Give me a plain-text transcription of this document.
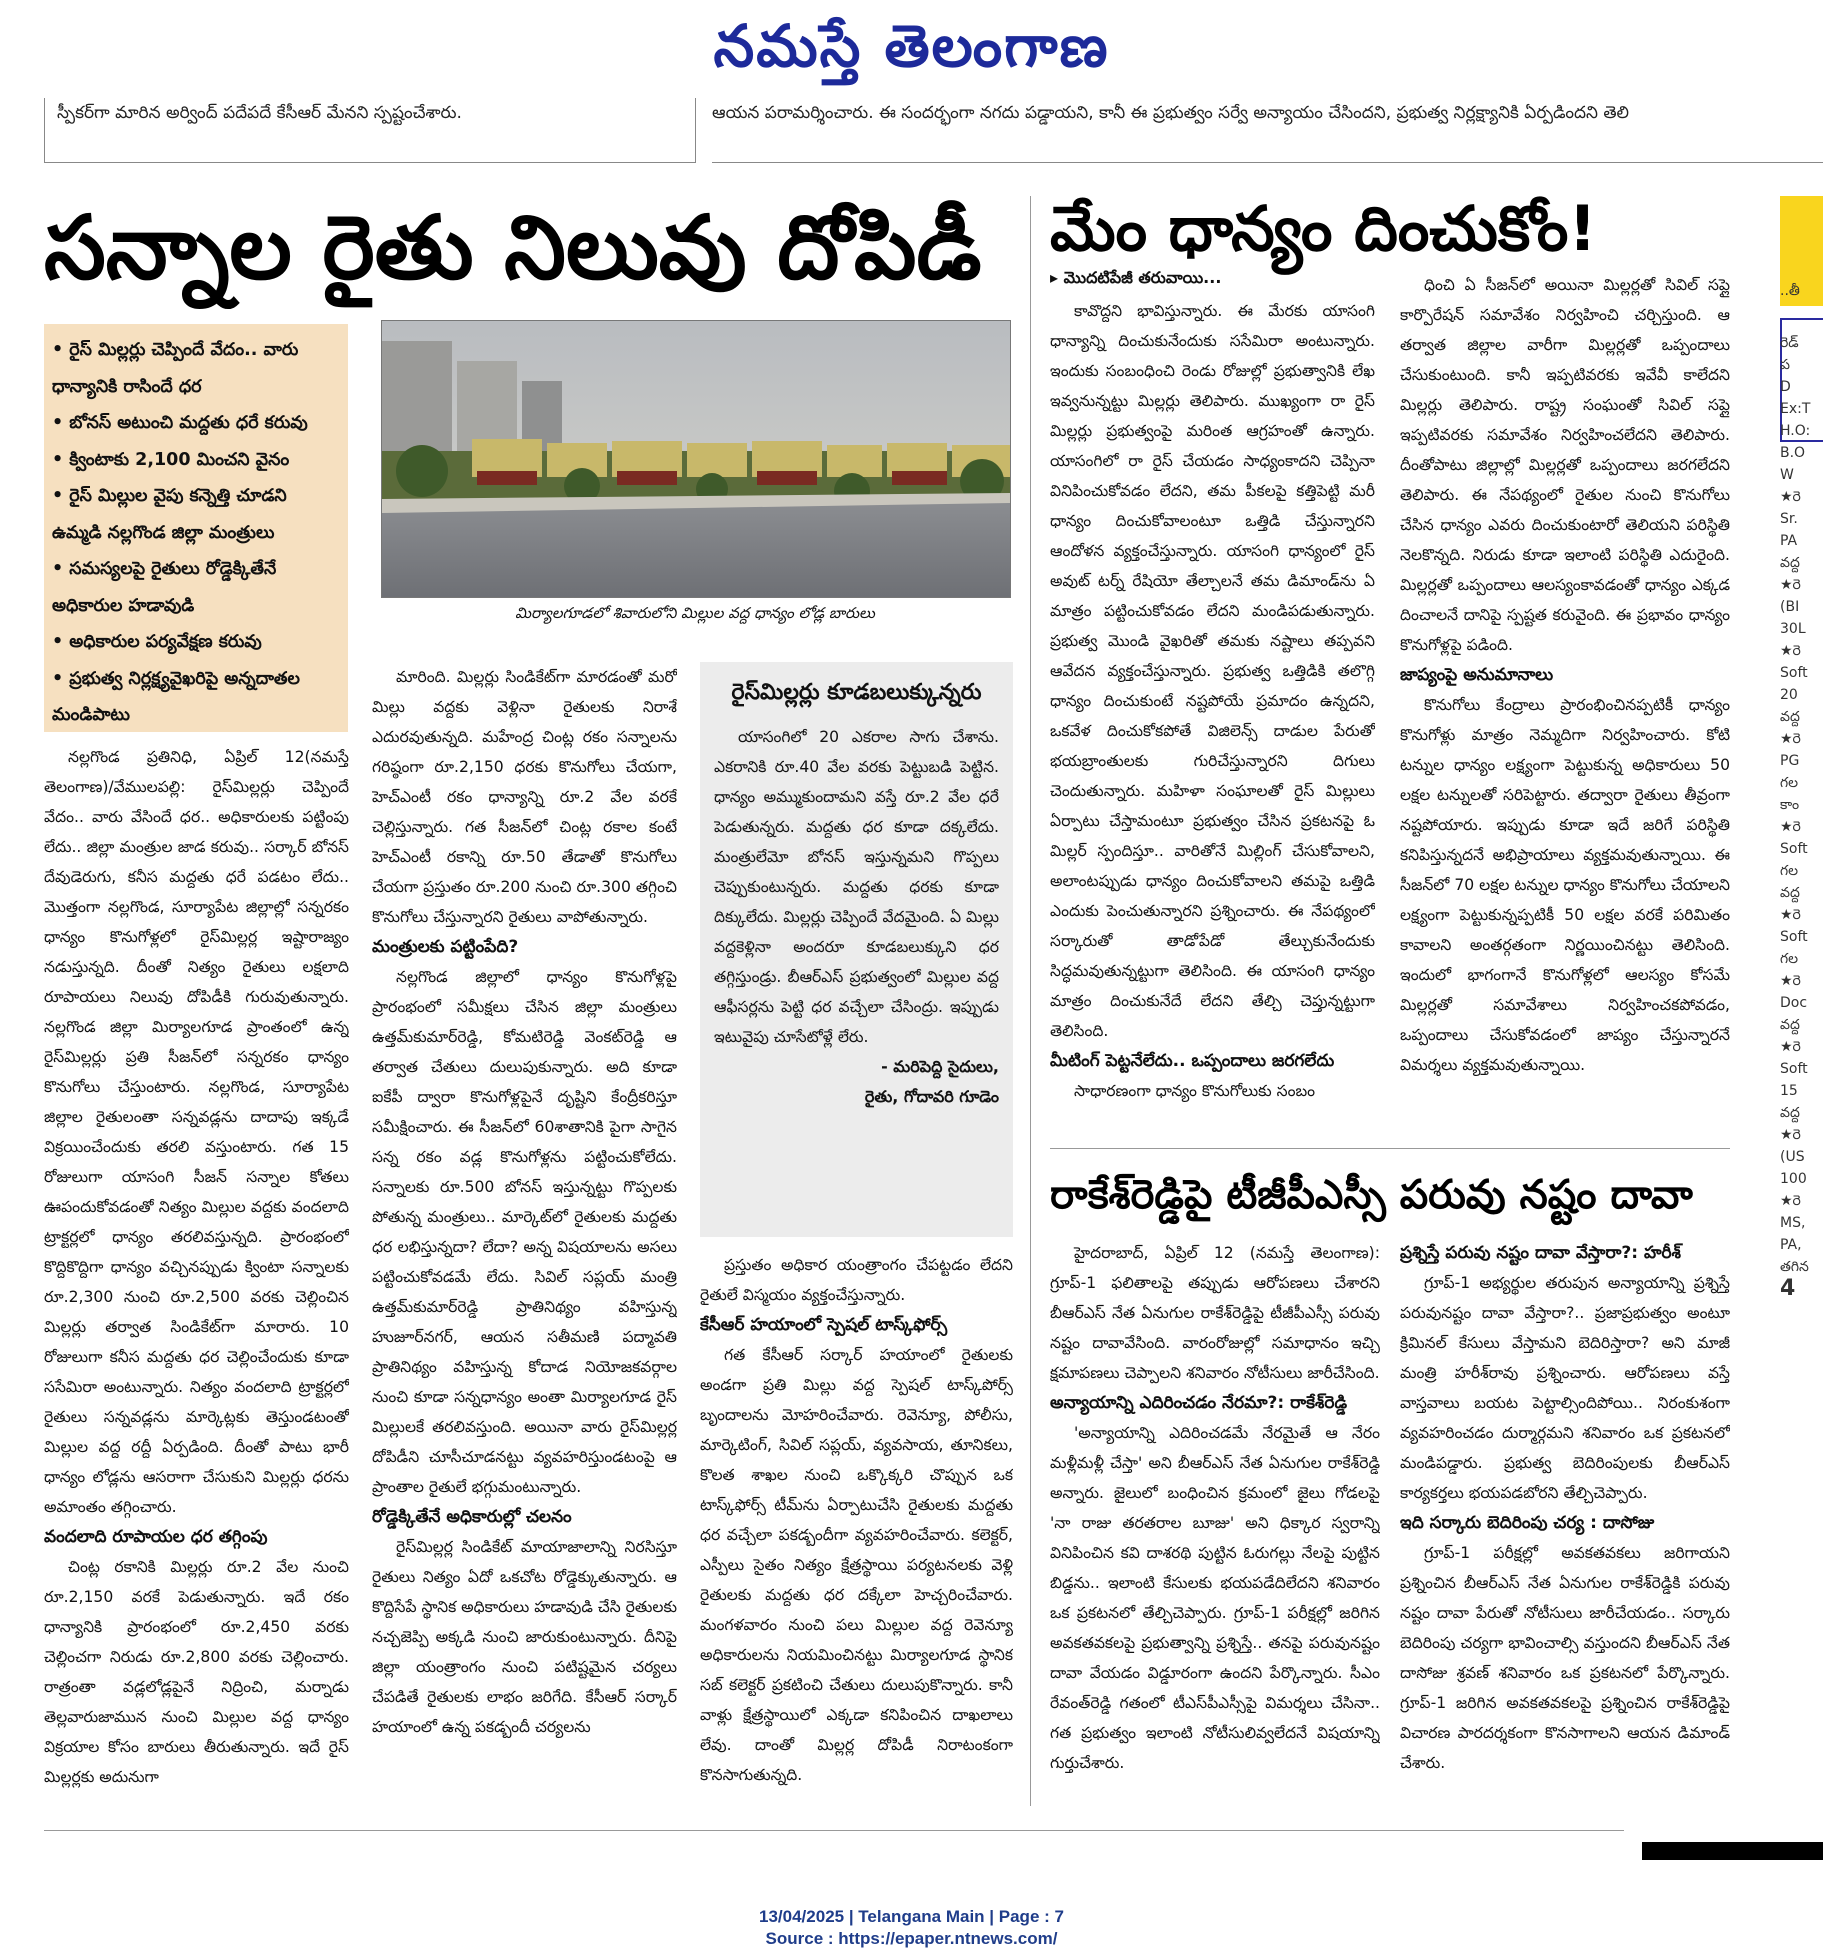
నమస్తే తెలంగాణ
స్పీకర్‌గా మారిన అర్వింద్ పదేపదే కేసీఆర్ మేనని స్పష్టంచేశారు.	ఆయన పరామర్శించారు. ఈ సందర్భంగా నగదు పడ్డాయని, కానీ ఈ ప్రభుత్వం సర్వే అన్యాయం చేసిందని, ప్రభుత్వ నిర్లక్ష్యానికి ఏర్పడిందని తెలి
సన్నాల రైతు నిలువు దోపిడీ
• రైస్ మిల్లర్లు చెప్పిందే వేదం.. వారు ధాన్యానికి రాసిందే ధర
• బోనస్ అటుంచి మద్దతు ధరే కరువు
• క్వింటాకు 2,100 మించని వైనం
• రైస్ మిల్లుల వైపు కన్నెత్తి చూడని ఉమ్మడి నల్లగొండ జిల్లా మంత్రులు
• సమస్యలపై రైతులు రోడ్డెక్కితేనే అధికారుల హడావుడి
• అధికారుల పర్యవేక్షణ కరువు
• ప్రభుత్వ నిర్లక్ష్యవైఖరిపై అన్నదాతల మండిపాటు
మిర్యాలగూడలో శివారులోని మిల్లుల వద్ద ధాన్యం లోడ్ల బారులు

నల్లగొండ ప్రతినిధి, ఏప్రిల్ 12(నమస్తే తెలంగాణ)/వేములపల్లి: రైస్‌మిల్లర్లు చెప్పిందే వేదం.. వారు వేసిందే ధర.. అధికారులకు పట్టింపు లేదు.. జిల్లా మంత్రుల జాడ కరువు.. సర్కార్ బోనస్ దేవుడెరుగు, కనీస మద్దతు ధరే పడటం లేదు.. మొత్తంగా నల్లగొండ, సూర్యాపేట జిల్లాల్లో సన్నరకం ధాన్యం కొనుగోళ్లలో రైస్‌మిల్లర్ల ఇష్టారాజ్యం నడుస్తున్నది. దీంతో నిత్యం రైతులు లక్షలాది రూపాయలు నిలువు దోపిడీకి గురువుతున్నారు. నల్లగొండ జిల్లా మిర్యాలగూడ ప్రాంతంలో ఉన్న రైస్‌మిల్లర్లు ప్రతి సీజన్‌లో సన్నరకం ధాన్యం కొనుగోలు చేస్తుంటారు. నల్లగొండ, సూర్యాపేట జిల్లాల రైతులంతా సన్నవడ్లను దాదాపు ఇక్కడే విక్రయించేందుకు తరలి వస్తుంటారు. గత 15 రోజులుగా యాసంగి సీజన్ సన్నాల కోతలు ఊపందుకోవడంతో నిత్యం మిల్లుల వద్దకు వందలాది ట్రాక్టర్లలో ధాన్యం తరలివస్తున్నది. ప్రారంభంలో కొద్దికొద్దిగా ధాన్యం వచ్చినప్పుడు క్వింటా సన్నాలకు రూ.2,300 నుంచి రూ.2,500 వరకు చెల్లించిన మిల్లర్లు తర్వాత సిండికేట్‌గా మారారు. 10 రోజులుగా కనీస మద్దతు ధర చెల్లించేందుకు కూడా ససేమిరా అంటున్నారు. నిత్యం వందలాది ట్రాక్టర్లలో రైతులు సన్నవడ్లను మార్కెట్లకు తెస్తుండటంతో మిల్లుల వద్ద రద్దీ ఏర్పడింది. దీంతో పాటు భారీ ధాన్యం లోడ్లను ఆసరాగా చేసుకుని మిల్లర్లు ధరను అమాంతం తగ్గించారు.

వందలాది రూపాయల ధర తగ్గింపు

చింట్ల రకానికి మిల్లర్లు రూ.2 వేల నుంచి రూ.2,150 వరకే పెడుతున్నారు. ఇదే రకం ధాన్యానికి ప్రారంభంలో రూ.2,450 వరకు చెల్లించగా నిరుడు రూ.2,800 వరకు చెల్లించారు. రాత్రంతా వడ్లలోడ్లపైనే నిద్రించి, మర్నాడు తెల్లవారుజామున నుంచి మిల్లుల వద్ద ధాన్యం విక్రయాల కోసం బారులు తీరుతున్నారు. ఇదే రైస్ మిల్లర్లకు అదునుగా

మారింది. మిల్లర్లు సిండికేట్‌గా మారడంతో మరో మిల్లు వద్దకు వెళ్లినా రైతులకు నిరాశే ఎదురవుతున్నది. మహేంద్ర చింట్ల రకం సన్నాలను గరిష్ఠంగా రూ.2,150 ధరకు కొనుగోలు చేయగా, హెచ్‌ఎంటీ రకం ధాన్యాన్ని రూ.2 వేల వరకే చెల్లిస్తున్నారు. గత సీజన్‌లో చింట్ల రకాల కంటే హెచ్‌ఎంటీ రకాన్ని రూ.50 తేడాతో కొనుగోలు చేయగా ప్రస్తుతం రూ.200 నుంచి రూ.300 తగ్గించి కొనుగోలు చేస్తున్నారని రైతులు వాపోతున్నారు.

మంత్రులకు పట్టింపేది?

నల్లగొండ జిల్లాలో ధాన్యం కొనుగోళ్లపై ప్రారంభంలో సమీక్షలు చేసిన జిల్లా మంత్రులు ఉత్తమ్‌కుమార్‌రెడ్డి, కోమటిరెడ్డి వెంకట్‌రెడ్డి ఆ తర్వాత చేతులు దులుపుకున్నారు. అది కూడా ఐకేపీ ద్వారా కొనుగోళ్లపైనే దృష్టిని కేంద్రీకరిస్తూ సమీక్షించారు. ఈ సీజన్‌లో 60శాతానికి పైగా సాగైన సన్న రకం వడ్ల కొనుగోళ్లను పట్టించుకోలేదు. సన్నాలకు రూ.500 బోనస్ ఇస్తున్నట్టు గొప్పలకు పోతున్న మంత్రులు.. మార్కెట్‌లో రైతులకు మద్దతు ధర లభిస్తున్నదా? లేదా? అన్న విషయాలను అసలు పట్టించుకోవడమే లేదు. సివిల్ సప్లయ్ మంత్రి ఉత్తమ్‌కుమార్‌రెడ్డి ప్రాతినిథ్యం వహిస్తున్న హుజూర్‌నగర్, ఆయన సతీమణి పద్మావతి ప్రాతినిథ్యం వహిస్తున్న కోదాడ నియోజకవర్గాల నుంచి కూడా సన్నధాన్యం అంతా మిర్యాలగూడ రైస్ మిల్లులకే తరలివస్తుంది. అయినా వారు రైస్‌మిల్లర్ల దోపిడీని చూసీచూడనట్టు వ్యవహరిస్తుండటంపై ఆ ప్రాంతాల రైతులే భగ్గుమంటున్నారు.

రోడ్డెక్కితేనే అధికారుల్లో చలనం

రైస్‌మిల్లర్ల సిండికేట్ మాయాజాలాన్ని నిరసిస్తూ రైతులు నిత్యం ఏదో ఒకచోట రోడ్డెక్కుతున్నారు. ఆ కొద్దిసేపే స్థానిక అధికారులు హడావుడి చేసి రైతులకు నచ్చజెప్పి అక్కడి నుంచి జారుకుంటున్నారు. దీనిపై జిల్లా యంత్రాంగం నుంచి పటిష్టమైన చర్యలు చేపడితే రైతులకు లాభం జరిగేది. కేసీఆర్ సర్కార్ హయాంలో ఉన్న పకడ్బందీ చర్యలను

రైస్‌మిల్లర్లు కూడబలుక్కున్నరు

యాసంగిలో 20 ఎకరాల సాగు చేశాను. ఎకరానికి రూ.40 వేల వరకు పెట్టుబడి పెట్టిన. ధాన్యం అమ్ముకుందామని వస్తే రూ.2 వేల ధరే పెడుతున్నరు. మద్దతు ధర కూడా దక్కలేదు. మంత్రులేమో బోనస్ ఇస్తున్నమని గొప్పలు చెప్పుకుంటున్నరు. మద్దతు ధరకు కూడా దిక్కులేదు. మిల్లర్లు చెప్పిందే వేదమైంది. ఏ మిల్లు వద్దకెళ్లినా అందరూ కూడబలుక్కుని ధర తగ్గిస్తుండ్రు. బీఆర్‌ఎస్ ప్రభుత్వంలో మిల్లుల వద్ద ఆఫీసర్లను పెట్టి ధర వచ్చేలా చేసింద్రు. ఇప్పుడు ఇటువైపు చూసేటోళ్లే లేరు.

- మరిపెద్ది సైదులు,
రైతు, గోదావరి గూడెం

ప్రస్తుతం అధికార యంత్రాంగం చేపట్టడం లేదని రైతులే విస్మయం వ్యక్తంచేస్తున్నారు.

కేసీఆర్ హయాంలో స్పెషల్ టాస్క్‌ఫోర్స్

గత కేసీఆర్ సర్కార్ హయాంలో రైతులకు అండగా ప్రతి మిల్లు వద్ద స్పెషల్ టాస్క్‌పోర్స్ బృందాలను మోహరించేవారు. రెవెన్యూ, పోలీసు, మార్కెటింగ్, సివిల్ సప్లయ్, వ్యవసాయ, తూనికలు, కొలత శాఖల నుంచి ఒక్కొక్కరి చొప్పున ఒక టాస్క్‌ఫోర్స్ టీమ్‌ను ఏర్పాటుచేసి రైతులకు మద్దతు ధర వచ్చేలా పకడ్బందీగా వ్యవహరించేవారు. కలెక్టర్, ఎస్పీలు సైతం నిత్యం క్షేత్రస్థాయి పర్యటనలకు వెళ్లి రైతులకు మద్దతు ధర దక్కేలా హెచ్చరించేవారు. మంగళవారం నుంచి పలు మిల్లుల వద్ద రెవెన్యూ అధికారులను నియమించినట్టు మిర్యాలగూడ స్థానిక సబ్ కలెక్టర్ ప్రకటించి చేతులు దులుపుకొన్నారు. కానీ వాళ్లు క్షేత్రస్థాయిలో ఎక్కడా కనిపించిన దాఖలాలు లేవు. దాంతో మిల్లర్ల దోపిడీ నిరాటంకంగా కొనసాగుతున్నది.

మేం ధాన్యం దించుకోం!
▸ మొదటిపేజీ తరువాయి...

కావొద్దని భావిస్తున్నారు. ఈ మేరకు యాసంగి ధాన్యాన్ని దించుకునేందుకు ససేమిరా అంటున్నారు. ఇందుకు సంబంధించి రెండు రోజుల్లో ప్రభుత్వానికి లేఖ ఇవ్వనున్నట్టు మిల్లర్లు తెలిపారు. ముఖ్యంగా రా రైస్ మిల్లర్లు ప్రభుత్వంపై మరింత ఆగ్రహంతో ఉన్నారు. యాసంగిలో రా రైస్ చేయడం సాధ్యంకాదని చెప్పినా వినిపించుకోవడం లేదని, తమ పీకలపై కత్తిపెట్టి మరీ ధాన్యం దించుకోవాలంటూ ఒత్తిడి చేస్తున్నారని ఆందోళన వ్యక్తంచేస్తున్నారు. యాసంగి ధాన్యంలో రైస్ అవుట్ టర్న్ రేషియో తేల్చాలనే తమ డిమాండ్‌ను ఏ మాత్రం పట్టించుకోవడం లేదని మండిపడుతున్నారు. ప్రభుత్వ మొండి వైఖరితో తమకు నష్టాలు తప్పవని ఆవేదన వ్యక్తంచేస్తున్నారు. ప్రభుత్వ ఒత్తిడికి తలొగ్గి ధాన్యం దించుకుంటే నష్టపోయే ప్రమాదం ఉన్నదని, ఒకవేళ దించుకోకపోతే విజిలెన్స్ దాడుల పేరుతో భయబ్రాంతులకు గురిచేస్తున్నారని దిగులు చెందుతున్నారు. మహిళా సంఘాలతో రైస్ మిల్లులు ఏర్పాటు చేస్తామంటూ ప్రభుత్వం చేసిన ప్రకటనపై ఓ మిల్లర్ స్పందిస్తూ.. వారితోనే మిల్లింగ్ చేసుకోవాలని, అలాంటప్పుడు ధాన్యం దించుకోవాలని తమపై ఒత్తిడి ఎందుకు పెంచుతున్నారని ప్రశ్నించారు. ఈ నేపథ్యంలో సర్కారుతో తాడోపేడో తేల్చుకునేందుకు సిద్ధమవుతున్నట్టుగా తెలిసింది. ఈ యాసంగి ధాన్యం మాత్రం దించుకునేదే లేదని తేల్చి చెప్తున్నట్టుగా తెలిసింది.

మీటింగ్ పెట్టనేలేదు.. ఒప్పందాలు జరగలేదు

సాధారణంగా ధాన్యం కొనుగోలుకు సంబం

ధించి ఏ సీజన్‌లో అయినా మిల్లర్లతో సివిల్ సప్లై కార్పొరేషన్ సమావేశం నిర్వహించి చర్చిస్తుంది. ఆ తర్వాత జిల్లాల వారీగా మిల్లర్లతో ఒప్పందాలు చేసుకుంటుంది. కానీ ఇప్పటివరకు ఇవేవీ కాలేదని మిల్లర్లు తెలిపారు. రాష్ట్ర సంఘంతో సివిల్ సప్లై ఇప్పటివరకు సమావేశం నిర్వహించలేదని తెలిపారు. దీంతోపాటు జిల్లాల్లో మిల్లర్లతో ఒప్పందాలు జరగలేదని తెలిపారు. ఈ నేపథ్యంలో రైతుల నుంచి కొనుగోలు చేసిన ధాన్యం ఎవరు దించుకుంటారో తెలియని పరిస్థితి నెలకొన్నది. నిరుడు కూడా ఇలాంటి పరిస్థితి ఎదురైంది. మిల్లర్లతో ఒప్పందాలు ఆలస్యంకావడంతో ధాన్యం ఎక్కడ దించాలనే దానిపై స్పష్టత కరువైంది. ఈ ప్రభావం ధాన్యం కొనుగోళ్లపై పడింది.

జాప్యంపై అనుమానాలు

కొనుగోలు కేంద్రాలు ప్రారంభించినప్పటికీ ధాన్యం కొనుగోళ్లు మాత్రం నెమ్మదిగా నిర్వహించారు. కోటి టన్నుల ధాన్యం లక్ష్యంగా పెట్టుకున్న అధికారులు 50 లక్షల టన్నులతో సరిపెట్టారు. తద్వారా రైతులు తీవ్రంగా నష్టపోయారు. ఇప్పుడు కూడా ఇదే జరిగే పరిస్థితి కనిపిస్తున్నదనే అభిప్రాయాలు వ్యక్తమవుతున్నాయి. ఈ సీజన్‌లో 70 లక్షల టన్నుల ధాన్యం కొనుగోలు చేయాలని లక్ష్యంగా పెట్టుకున్నప్పటికీ 50 లక్షల వరకే పరిమితం కావాలని అంతర్గతంగా నిర్ణయించినట్టు తెలిసింది. ఇందులో భాగంగానే కొనుగోళ్లలో ఆలస్యం కోసమే మిల్లర్లతో సమావేశాలు నిర్వహించకపోవడం, ఒప్పందాలు చేసుకోవడంలో జాప్యం చేస్తున్నారనే విమర్శలు వ్యక్తమవుతున్నాయి.

రాకేశ్‌రెడ్డిపై టీజీపీఎస్సీ పరువు నష్టం దావా

హైదరాబాద్, ఏప్రిల్ 12 (నమస్తే తెలంగాణ): గ్రూప్-1 ఫలితాలపై తప్పుడు ఆరోపణలు చేశారని బీఆర్‌ఎస్ నేత ఏనుగుల రాకేశ్‌రెడ్డిపై టీజీపీఎస్సీ పరువు నష్టం దావావేసింది. వారంరోజుల్లో సమాధానం ఇచ్చి క్షమాపణలు చెప్పాలని శనివారం నోటీసులు జారీచేసింది.

అన్యాయాన్ని ఎదిరించడం నేరమా?: రాకేశ్‌రెడ్డి

'అన్యాయాన్ని ఎదిరించడమే నేరమైతే ఆ నేరం మళ్లీమళ్లీ చేస్తా' అని బీఆర్‌ఎస్ నేత ఏనుగుల రాకేశ్‌రెడ్డి అన్నారు. జైలులో బంధించిన క్రమంలో జైలు గోడలపై 'నా రాజు తరతరాల బూజు' అని ధిక్కార స్వరాన్ని వినిపించిన కవి దాశరథి పుట్టిన ఓరుగల్లు నేలపై పుట్టిన బిడ్డను.. ఇలాంటి కేసులకు భయపడేదిలేదని శనివారం ఒక ప్రకటనలో తేల్చిచెప్పారు. గ్రూప్-1 పరీక్షల్లో జరిగిన అవకతవకలపై ప్రభుత్వాన్ని ప్రశ్నిస్తే.. తనపై పరువునష్టం దావా వేయడం విడ్డూరంగా ఉందని పేర్కొన్నారు. సీఎం రేవంత్‌రెడ్డి గతంలో టీఎస్‌పీఎస్సీపై విమర్శలు చేసినా.. గత ప్రభుత్వం ఇలాంటి నోటీసులివ్వలేదనే విషయాన్ని గుర్తుచేశారు.

ప్రశ్నిస్తే పరువు నష్టం దావా వేస్తారా?: హరీశ్

గ్రూప్-1 అభ్యర్థుల తరుపున అన్యాయాన్ని ప్రశ్నిస్తే పరువునష్టం దావా వేస్తారా?.. ప్రజాప్రభుత్వం అంటూ క్రిమినల్ కేసులు వేస్తామని బెదిరిస్తారా? అని మాజీ మంత్రి హరీశ్‌రావు ప్రశ్నించారు. ఆరోపణలు వస్తే వాస్తవాలు బయట పెట్టాల్సిందిపోయి.. నిరంకుశంగా వ్యవహరించడం దుర్మార్గమని శనివారం ఒక ప్రకటనలో మండిపడ్డారు. ప్రభుత్వ బెదిరింపులకు బీఆర్‌ఎస్ కార్యకర్తలు భయపడబోరని తేల్చిచెప్పారు.

ఇది సర్కారు బెదిరింపు చర్య : దాసోజు

గ్రూప్-1 పరీక్షల్లో అవకతవకలు జరిగాయని ప్రశ్నించిన బీఆర్‌ఎస్ నేత ఏనుగుల రాకేశ్‌రెడ్డికి పరువు నష్టం దావా పేరుతో నోటీసులు జారీచేయడం.. సర్కారు బెదిరింపు చర్యగా భావించాల్సి వస్తుందని బీఆర్‌ఎస్ నేత దాసోజు శ్రవణ్ శనివారం ఒక ప్రకటనలో పేర్కొన్నారు. గ్రూప్-1 జరిగిన అవకతవకలపై ప్రశ్నించిన రాకేశ్‌రెడ్డిపై విచారణ పారదర్శకంగా కొనసాగాలని ఆయన డిమాండ్ చేశారు.

..తీ
రెడ్
ప
D
Ex:T
H.O:
B.O
W
★రె
Sr.
PA
వద్ద
★రె
(BI
30L
★రె
Soft
20
వద్ద
★రె
PG
గల
కాం
★రె
Soft
గల
వద్ద
★రె
Soft
గల
★రె
Doc
వద్ద
★రె
Soft
15
వద్ద
★రె
(US
100
★రె
MS,
PA,
తగిన
4
13/04/2025 | Telangana Main | Page : 7
Source : https://epaper.ntnews.com/
